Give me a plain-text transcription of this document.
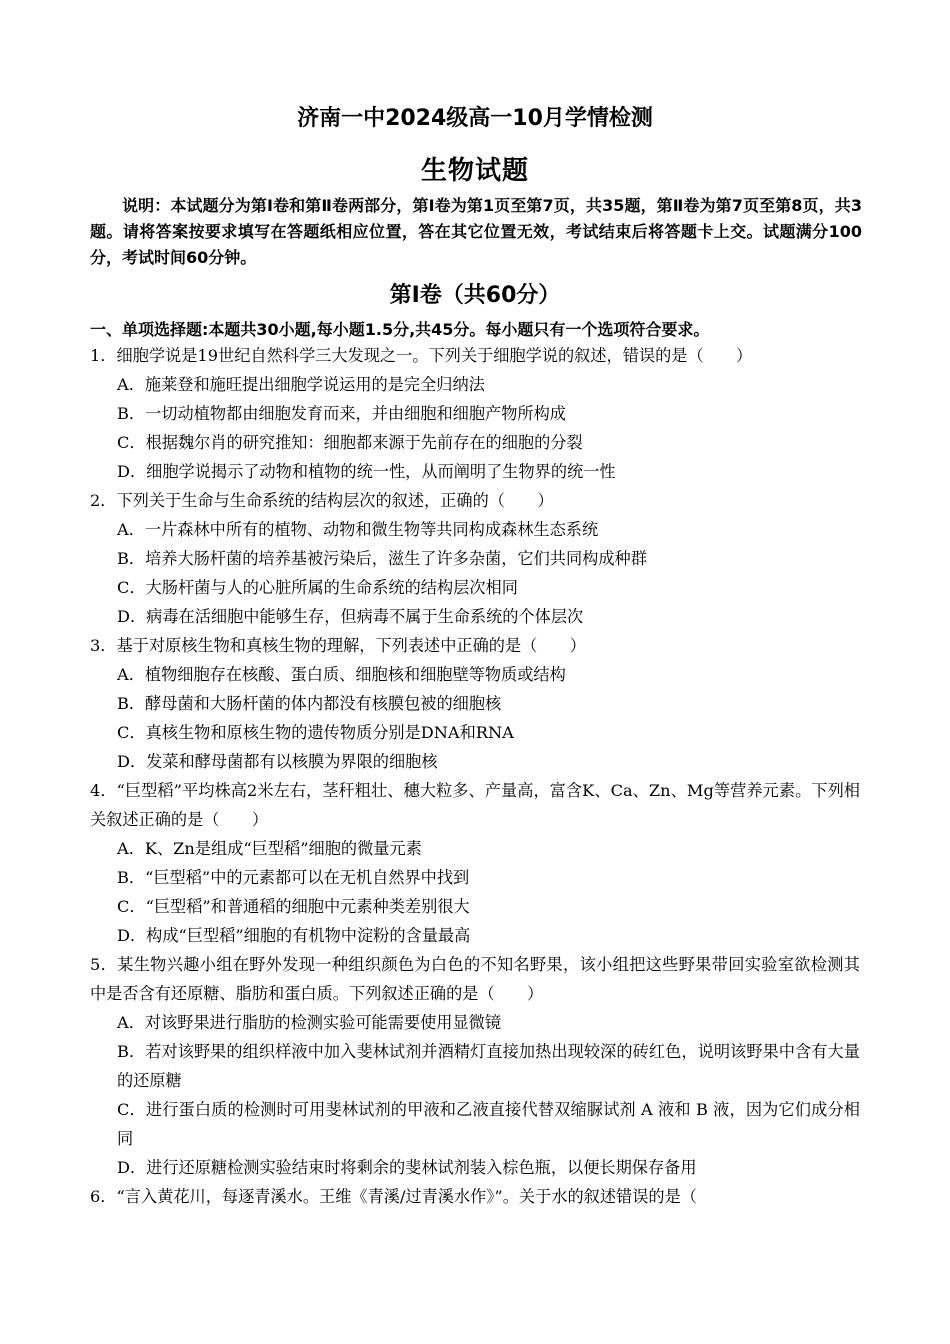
济南一中2024级高一10月学情检测
生物试题
说明：本试题分为第Ⅰ卷和第Ⅱ卷两部分，第Ⅰ卷为第1页至第7页，共35题，第Ⅱ卷为第7页至第8页，共3题。请将答案按要求填写在答题纸相应位置，答在其它位置无效，考试结束后将答题卡上交。试题满分100分，考试时间60分钟。
第Ⅰ卷（共60分）
一、单项选择题:本题共30小题,每小题1.5分,共45分。每小题只有一个选项符合要求。
1．细胞学说是19世纪自然科学三大发现之一。下列关于细胞学说的叙述，错误的是（　　）
A．施莱登和施旺提出细胞学说运用的是完全归纳法
B．一切动植物都由细胞发育而来，并由细胞和细胞产物所构成
C．根据魏尔肖的研究推知：细胞都来源于先前存在的细胞的分裂
D．细胞学说揭示了动物和植物的统一性，从而阐明了生物界的统一性
2．下列关于生命与生命系统的结构层次的叙述，正确的（　　）
A．一片森林中所有的植物、动物和微生物等共同构成森林生态系统
B．培养大肠杆菌的培养基被污染后，滋生了许多杂菌，它们共同构成种群
C．大肠杆菌与人的心脏所属的生命系统的结构层次相同
D．病毒在活细胞中能够生存，但病毒不属于生命系统的个体层次
3．基于对原核生物和真核生物的理解，下列表述中正确的是（　　）
A．植物细胞存在核酸、蛋白质、细胞核和细胞壁等物质或结构
B．酵母菌和大肠杆菌的体内都没有核膜包被的细胞核
C．真核生物和原核生物的遗传物质分别是DNA和RNA
D．发菜和酵母菌都有以核膜为界限的细胞核
4．“巨型稻”平均株高2米左右，茎秆粗壮、穗大粒多、产量高，富含K、Ca、Zn、Mg等营养元素。下列相关叙述正确的是（　　）
A．K、Zn是组成“巨型稻”细胞的微量元素
B．“巨型稻”中的元素都可以在无机自然界中找到
C．“巨型稻”和普通稻的细胞中元素种类差别很大
D．构成“巨型稻”细胞的有机物中淀粉的含量最高
5．某生物兴趣小组在野外发现一种组织颜色为白色的不知名野果，该小组把这些野果带回实验室欲检测其中是否含有还原糖、脂肪和蛋白质。下列叙述正确的是（　　）
A．对该野果进行脂肪的检测实验可能需要使用显微镜
B．若对该野果的组织样液中加入斐林试剂并酒精灯直接加热出现较深的砖红色，说明该野果中含有大量的还原糖
C．进行蛋白质的检测时可用斐林试剂的甲液和乙液直接代替双缩脲试剂 A 液和 B 液，因为它们成分相同
D．进行还原糖检测实验结束时将剩余的斐林试剂装入棕色瓶，以便长期保存备用
6．“言入黄花川，每逐青溪水。王维《青溪/过青溪水作》”。关于水的叙述错误的是（
